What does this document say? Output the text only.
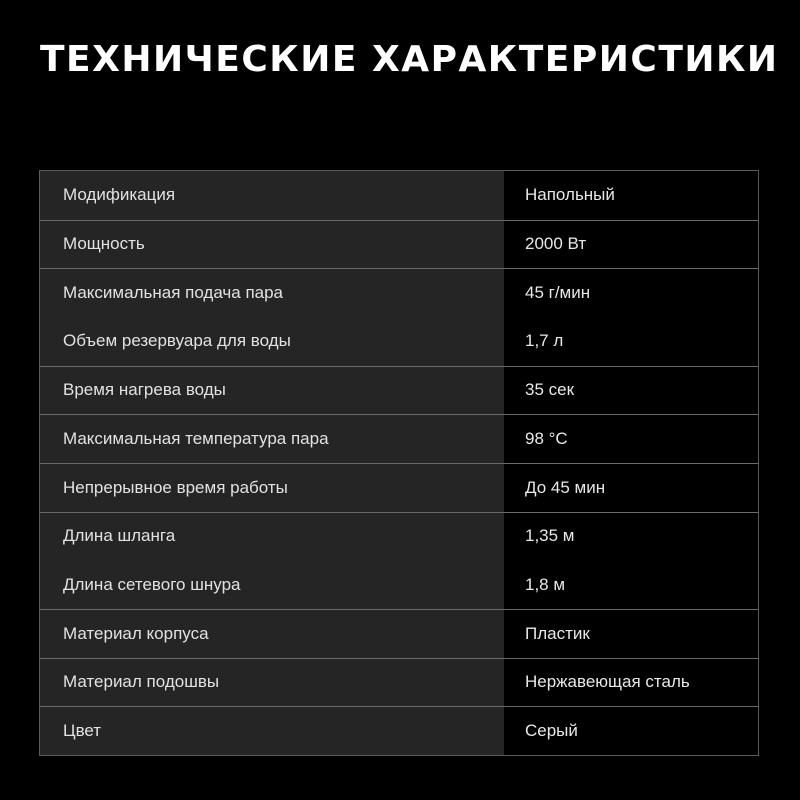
ТЕХНИЧЕСКИЕ ХАРАКТЕРИСТИКИ
Модификация	Напольный
Мощность	2000 Вт
Максимальная подача пара	45 г/мин
Объем резервуара для воды	1,7 л
Время нагрева воды	35 сек
Максимальная температура пара	98 °С
Непрерывное время работы	До 45 мин
Длина шланга	1,35 м
Длина сетевого шнура	1,8 м
Материал корпуса	Пластик
Материал подошвы	Нержавеющая сталь
Цвет	Серый
